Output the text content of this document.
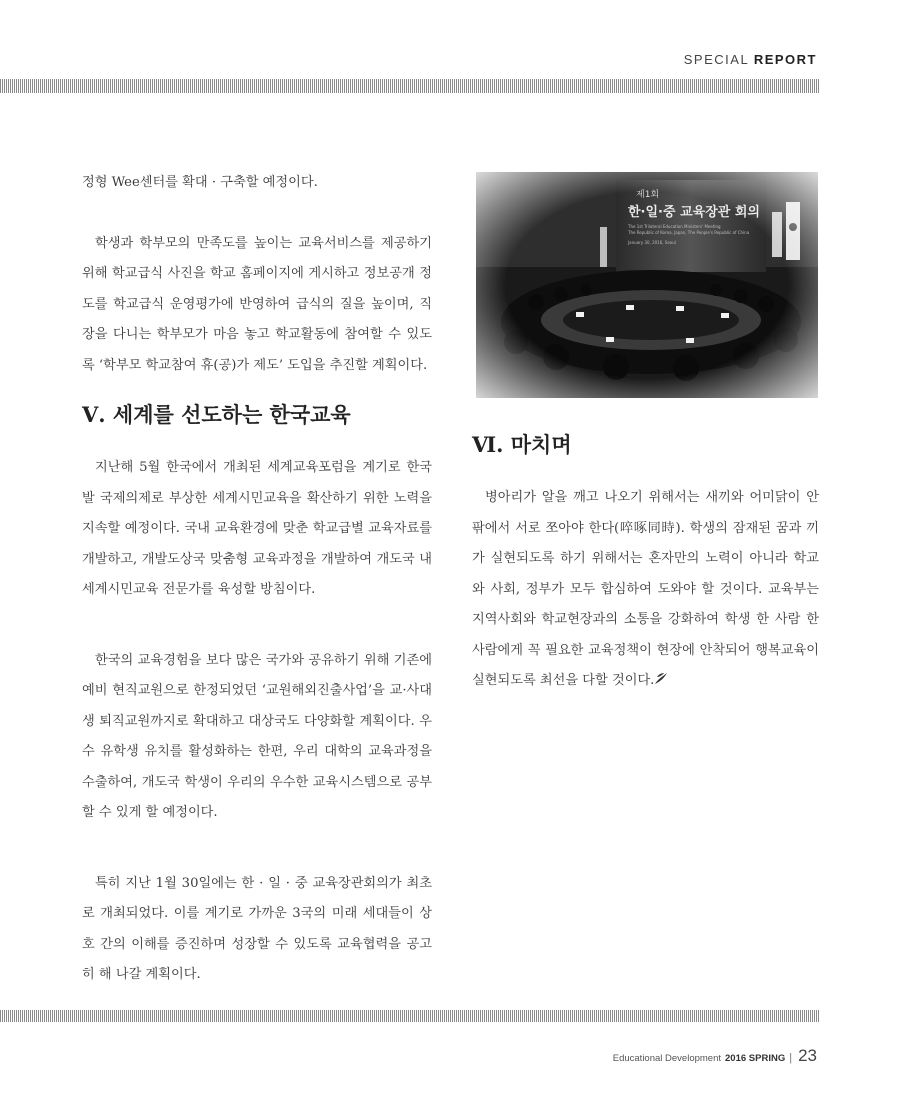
SPECIAL REPORT

정형 Wee센터를 확대 · 구축할 예정이다.

학생과 학부모의 만족도를 높이는 교육서비스를 제공하기 위해 학교급식 사진을 학교 홈페이지에 게시하고 정보공개 정도를 학교급식 운영평가에 반영하여 급식의 질을 높이며, 직장을 다니는 학부모가 마음 놓고 학교활동에 참여할 수 있도록 ‘학부모 학교참여 휴(공)가 제도’ 도입을 추진할 계획이다.

Ⅴ. 세계를 선도하는 한국교육

지난해 5월 한국에서 개최된 세계교육포럼을 계기로 한국발 국제의제로 부상한 세계시민교육을 확산하기 위한 노력을 지속할 예정이다. 국내 교육환경에 맞춘 학교급별 교육자료를 개발하고, 개발도상국 맞춤형 교육과정을 개발하여 개도국 내 세계시민교육 전문가를 육성할 방침이다.

한국의 교육경험을 보다 많은 국가와 공유하기 위해 기존에 예비 현직교원으로 한정되었던 ‘교원해외진출사업’을 교·사대생 퇴직교원까지로 확대하고 대상국도 다양화할 계획이다. 우수 유학생 유치를 활성화하는 한편, 우리 대학의 교육과정을 수출하여, 개도국 학생이 우리의 우수한 교육시스템으로 공부할 수 있게 할 예정이다.

특히 지난 1월 30일에는 한 · 일 · 중 교육장관회의가 최초로 개최되었다. 이를 계기로 가까운 3국의 미래 세대들이 상호 간의 이해를 증진하며 성장할 수 있도록 교육협력을 공고히 해 나갈 계획이다.

Ⅵ. 마치며

병아리가 알을 깨고 나오기 위해서는 새끼와 어미닭이 안팎에서 서로 쪼아야 한다(啐啄同時). 학생의 잠재된 꿈과 끼가 실현되도록 하기 위해서는 혼자만의 노력이 아니라 학교와 사회, 정부가 모두 합심하여 도와야 할 것이다. 교육부는 지역사회와 학교현장과의 소통을 강화하여 학생 한 사람 한 사람에게 꼭 필요한 교육정책이 현장에 안착되어 행복교육이 실현되도록 최선을 다할 것이다.

Educational Development 2016 SPRING | 23
